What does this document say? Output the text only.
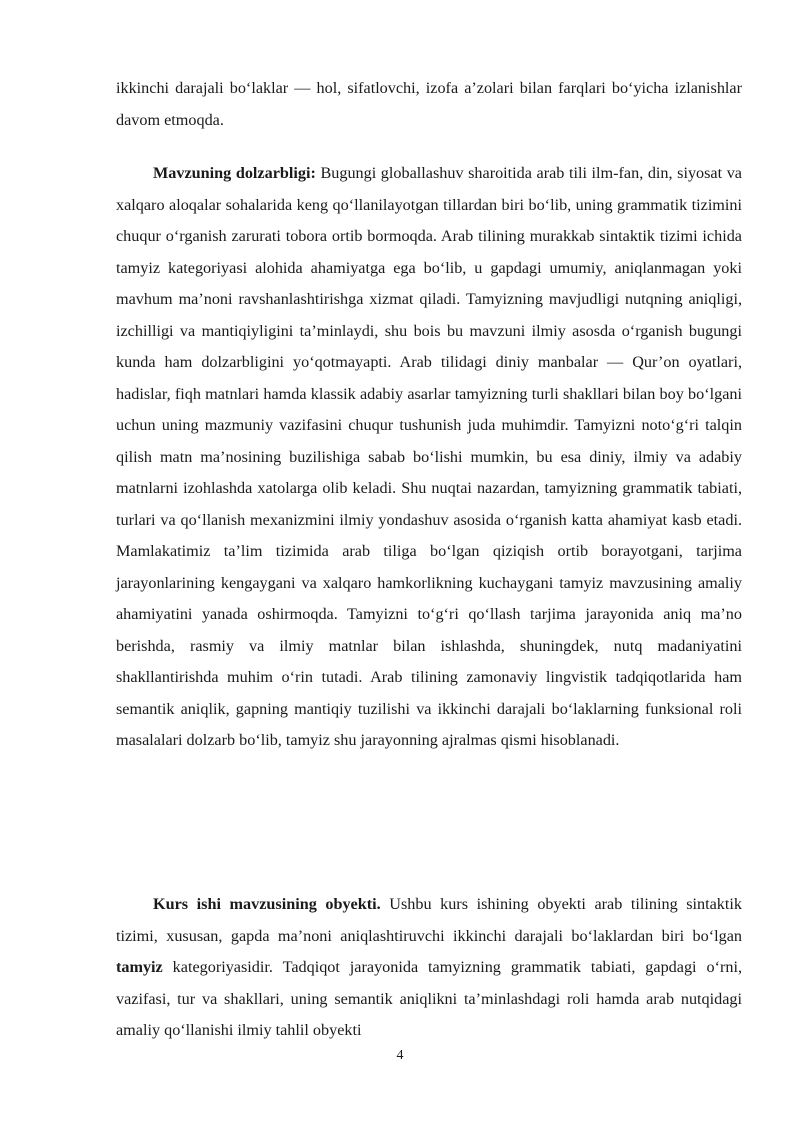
ikkinchi darajali bo‘laklar — hol, sifatlovchi, izofa a’zolari bilan farqlari bo‘yicha izlanishlar davom etmoqda.

Mavzuning dolzarbligi: Bugungi globallashuv sharoitida arab tili ilm-fan, din, siyosat va xalqaro aloqalar sohalarida keng qo‘llanilayotgan tillardan biri bo‘lib, uning grammatik tizimini chuqur o‘rganish zarurati tobora ortib bormoqda. Arab tilining murakkab sintaktik tizimi ichida tamyiz kategoriyasi alohida ahamiyatga ega bo‘lib, u gapdagi umumiy, aniqlanmagan yoki mavhum ma’noni ravshanlashtirishga xizmat qiladi. Tamyizning mavjudligi nutqning aniqligi, izchilligi va mantiqiyligini ta’minlaydi, shu bois bu mavzuni ilmiy asosda o‘rganish bugungi kunda ham dolzarbligini yo‘qotmayapti. Arab tilidagi diniy manbalar — Qur’on oyatlari, hadislar, fiqh matnlari hamda klassik adabiy asarlar tamyizning turli shakllari bilan boy bo‘lgani uchun uning mazmuniy vazifasini chuqur tushunish juda muhimdir. Tamyizni noto‘g‘ri talqin qilish matn ma’nosining buzilishiga sabab bo‘lishi mumkin, bu esa diniy, ilmiy va adabiy matnlarni izohlashda xatolarga olib keladi. Shu nuqtai nazardan, tamyizning grammatik tabiati, turlari va qo‘llanish mexanizmini ilmiy yondashuv asosida o‘rganish katta ahamiyat kasb etadi. Mamlakatimiz ta’lim tizimida arab tiliga bo‘lgan qiziqish ortib borayotgani, tarjima jarayonlarining kengaygani va xalqaro hamkorlikning kuchaygani tamyiz mavzusining amaliy ahamiyatini yanada oshirmoqda. Tamyizni to‘g‘ri qo‘llash tarjima jarayonida aniq ma’no berishda, rasmiy va ilmiy matnlar bilan ishlashda, shuningdek, nutq madaniyatini shakllantirishda muhim o‘rin tutadi. Arab tilining zamonaviy lingvistik tadqiqotlarida ham semantik aniqlik, gapning mantiqiy tuzilishi va ikkinchi darajali bo‘laklarning funksional roli masalalari dolzarb bo‘lib, tamyiz shu jarayonning ajralmas qismi hisoblanadi.

Kurs ishi mavzusining obyekti. Ushbu kurs ishining obyekti arab tilining sintaktik tizimi, xususan, gapda ma’noni aniqlashtiruvchi ikkinchi darajali bo‘laklardan biri bo‘lgan tamyiz kategoriyasidir. Tadqiqot jarayonida tamyizning grammatik tabiati, gapdagi o‘rni, vazifasi, tur va shakllari, uning semantik aniqlikni ta’minlashdagi roli hamda arab nutqidagi amaliy qo‘llanishi ilmiy tahlil obyekti

4
